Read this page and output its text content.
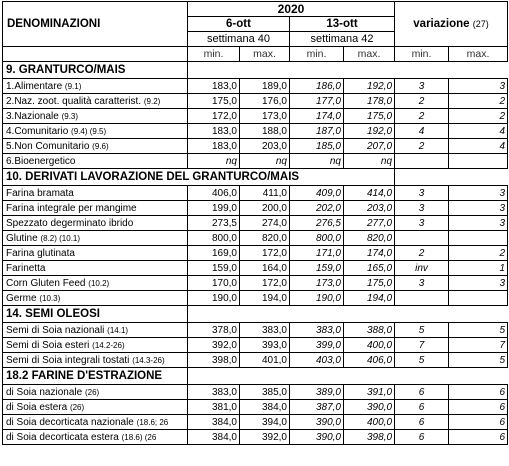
DENOMINAZIONI	2020				variazione (27)	
	6-ott		13-ott			
	settimana 40		settimana 42			
	min.	max.	min.	max.	min.	max.
9. GRANTURCO/MAIS						
1.Alimentare (9.1)	183,0	189,0	186,0	192,0	3	3
2.Naz. zoot. qualità caratterist. (9.2)	175,0	176,0	177,0	178,0	2	2
3.Nazionale (9.3)	172,0	173,0	174,0	175,0	2	2
4.Comunitario (9.4) (9.5)	183,0	188,0	187,0	192,0	4	4
5.Non Comunitario (9.6)	183,0	203,0	185,0	207,0	2	4
6.Bioenergetico	nq	nq	nq	nq		
10. DERIVATI LAVORAZIONE DEL GRANTURCO/MAIS						
Farina bramata	406,0	411,0	409,0	414,0	3	3
Farina integrale per mangime	199,0	200,0	202,0	203,0	3	3
Spezzato degerminato ibrido	273,5	274,0	276,5	277,0	3	3
Glutine (8.2) (10.1)	800,0	820,0	800,0	820,0		
Farina glutinata	169,0	172,0	171,0	174,0	2	2
Farinetta	159,0	164,0	159,0	165,0	inv	1
Corn Gluten Feed (10.2)	170,0	172,0	173,0	175,0	3	3
Germe (10.3)	190,0	194,0	190,0	194,0		
14. SEMI OLEOSI						
Semi di Soia nazionali (14.1)	378,0	383,0	383,0	388,0	5	5
Semi di Soia esteri (14.2-26)	392,0	393,0	399,0	400,0	7	7
Semi di Soia integrali tostati (14.3-26)	398,0	401,0	403,0	406,0	5	5
18.2 FARINE D'ESTRAZIONE						
di Soia nazionale (26)	383,0	385,0	389,0	391,0	6	6
di Soia estera (26)	381,0	384,0	387,0	390,0	6	6
di Soia decorticata nazionale (18.6; 26	384,0	394,0	390,0	400,0	6	6
di Soia decorticata estera (18.6) (26	384,0	392,0	390,0	398,0	6	6
